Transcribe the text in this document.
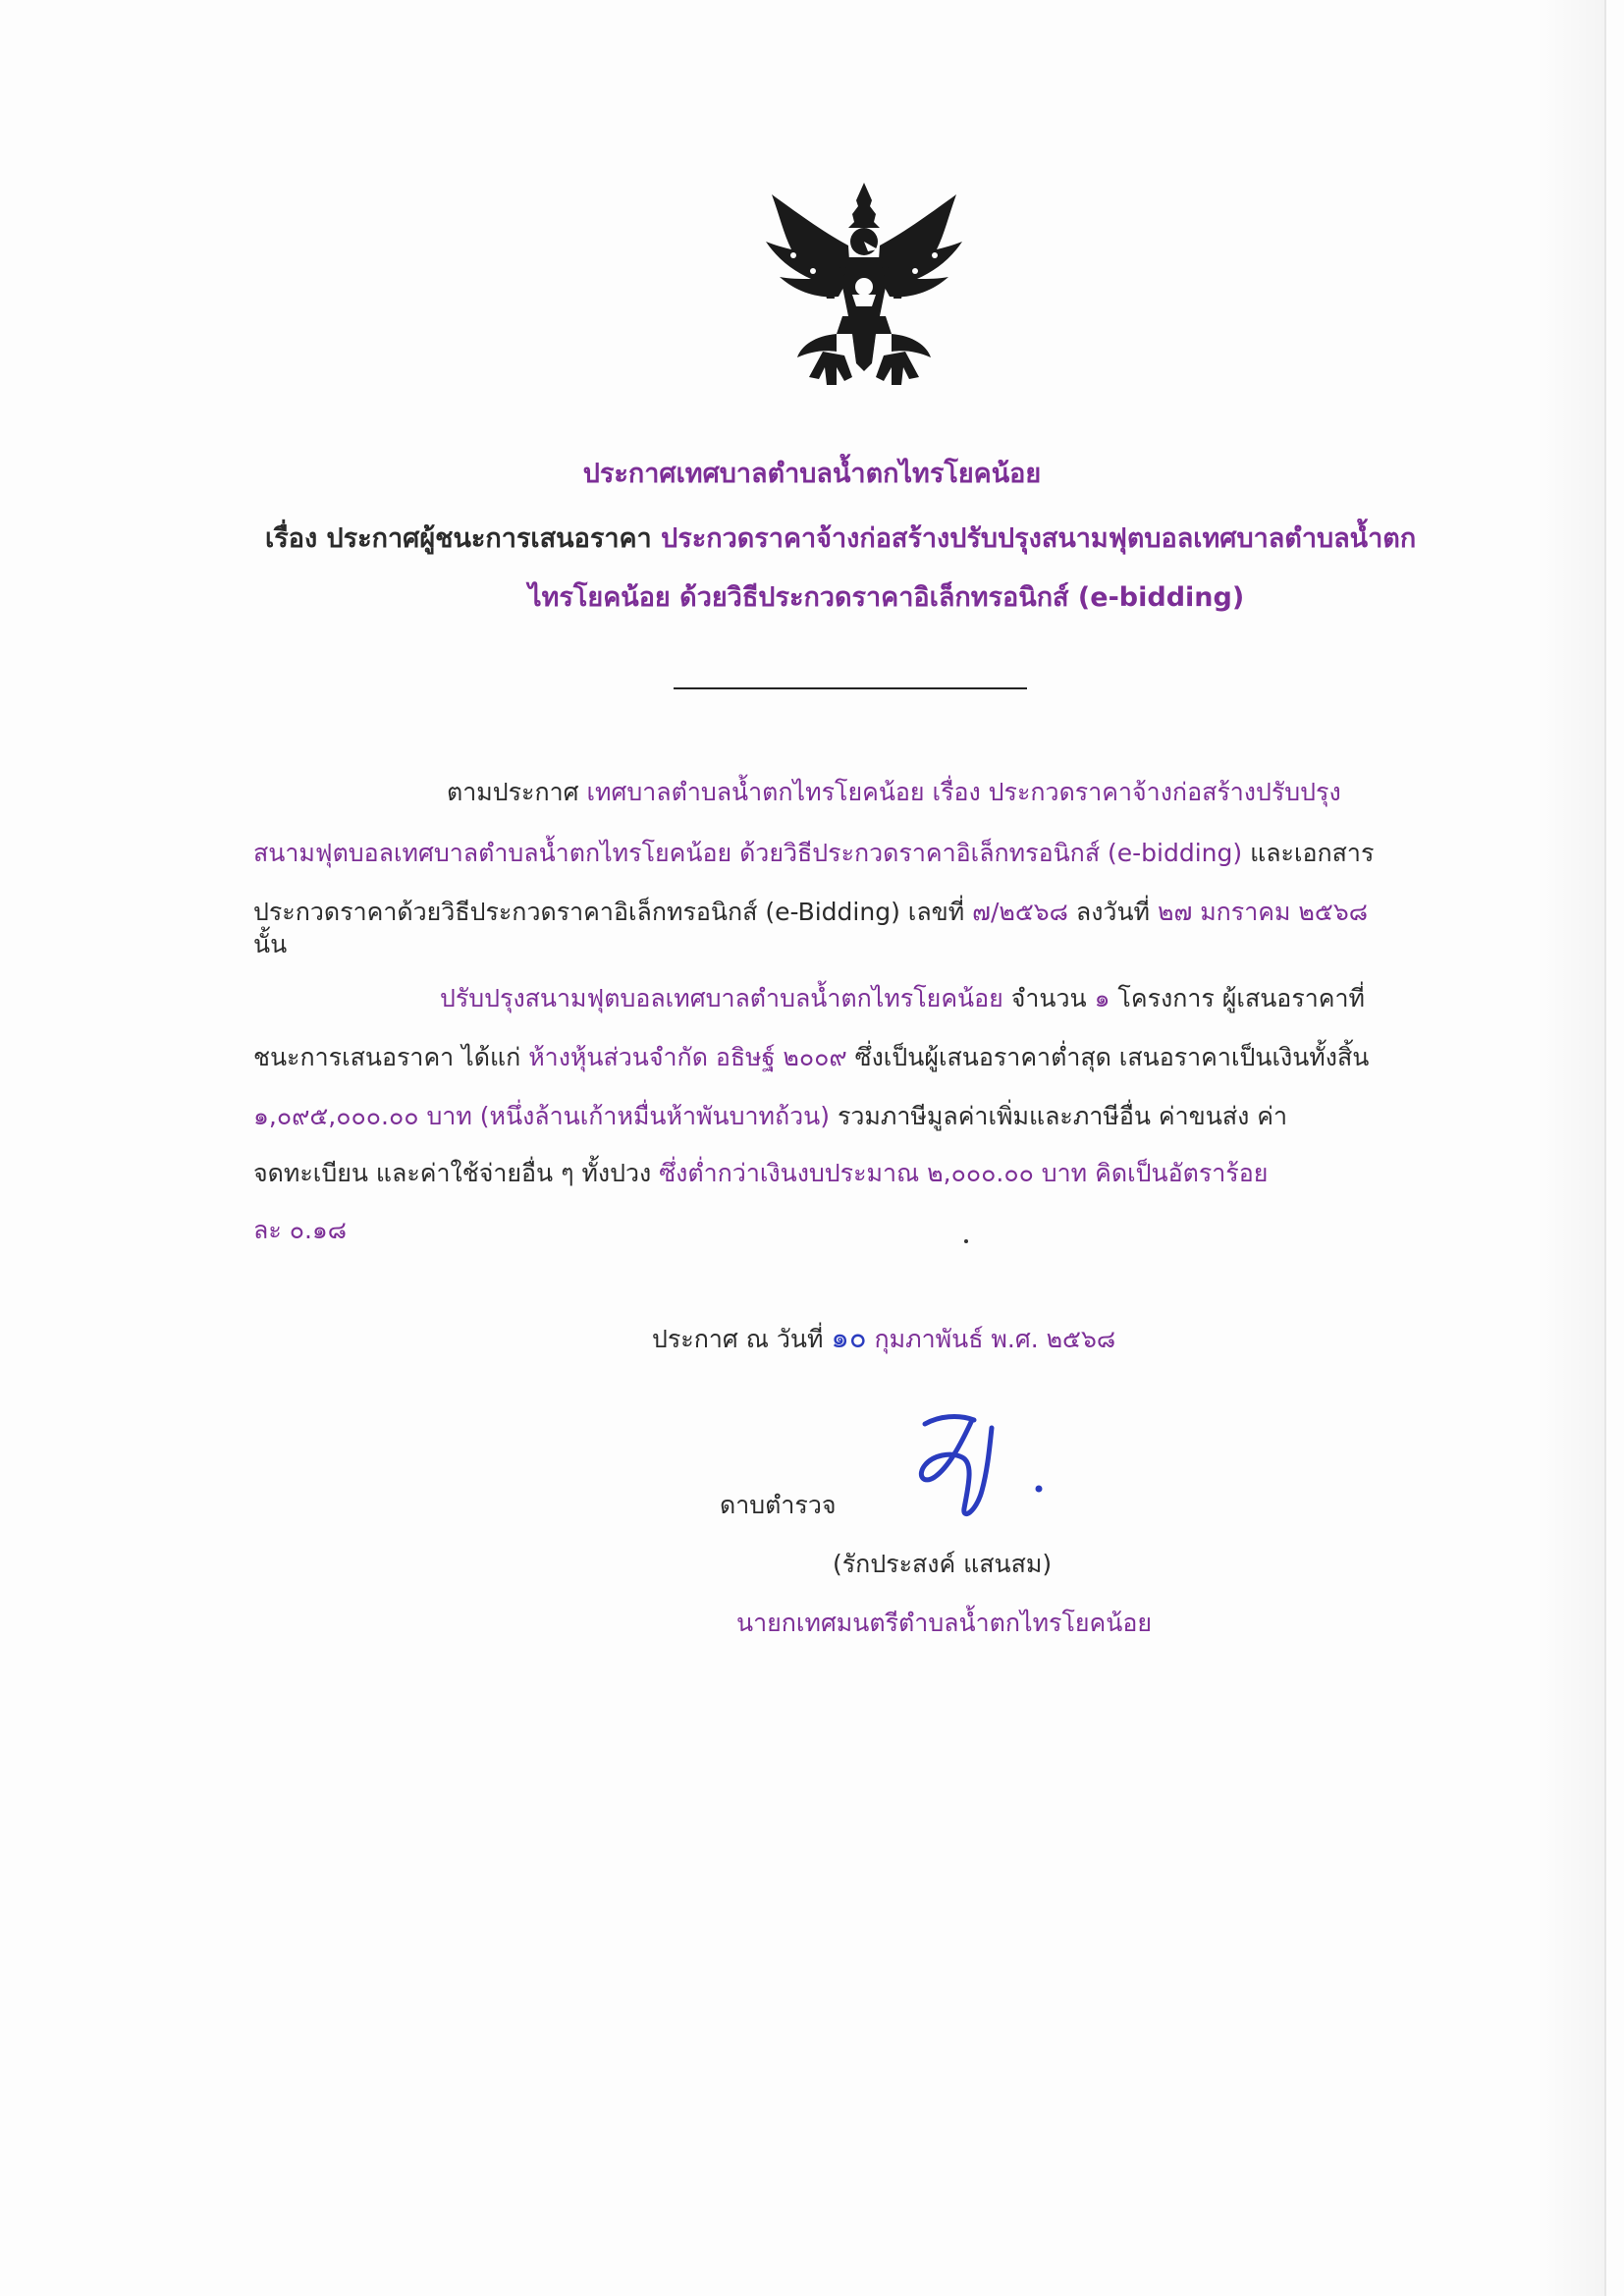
ประกาศเทศบาลตำบลน้ำตกไทรโยคน้อย
เรื่อง ประกาศผู้ชนะการเสนอราคา ประกวดราคาจ้างก่อสร้างปรับปรุงสนามฟุตบอลเทศบาลตำบลน้ำตก
ไทรโยคน้อย ด้วยวิธีประกวดราคาอิเล็กทรอนิกส์ (e-bidding)
ตามประกาศ เทศบาลตำบลน้ำตกไทรโยคน้อย เรื่อง ประกวดราคาจ้างก่อสร้างปรับปรุง
สนามฟุตบอลเทศบาลตำบลน้ำตกไทรโยคน้อย ด้วยวิธีประกวดราคาอิเล็กทรอนิกส์ (e-bidding) และเอกสาร
ประกวดราคาด้วยวิธีประกวดราคาอิเล็กทรอนิกส์ (e-Bidding) เลขที่ ๗/๒๕๖๘ ลงวันที่ ๒๗ มกราคม ๒๕๖๘
นั้น
ปรับปรุงสนามฟุตบอลเทศบาลตำบลน้ำตกไทรโยคน้อย จำนวน ๑ โครงการ ผู้เสนอราคาที่
ชนะการเสนอราคา ได้แก่ ห้างหุ้นส่วนจำกัด อธิษฐ์ ๒๐๐๙ ซึ่งเป็นผู้เสนอราคาต่ำสุด เสนอราคาเป็นเงินทั้งสิ้น
๑,๐๙๕,๐๐๐.๐๐ บาท (หนึ่งล้านเก้าหมื่นห้าพันบาทถ้วน) รวมภาษีมูลค่าเพิ่มและภาษีอื่น ค่าขนส่ง ค่า
จดทะเบียน และค่าใช้จ่ายอื่น ๆ ทั้งปวง ซึ่งต่ำกว่าเงินงบประมาณ ๒,๐๐๐.๐๐ บาท คิดเป็นอัตราร้อย
ละ ๐.๑๘
ประกาศ ณ วันที่ ๑๐ กุมภาพันธ์ พ.ศ. ๒๕๖๘
ดาบตำรวจ
(รักประสงค์ แสนสม)
นายกเทศมนตรีตำบลน้ำตกไทรโยคน้อย
